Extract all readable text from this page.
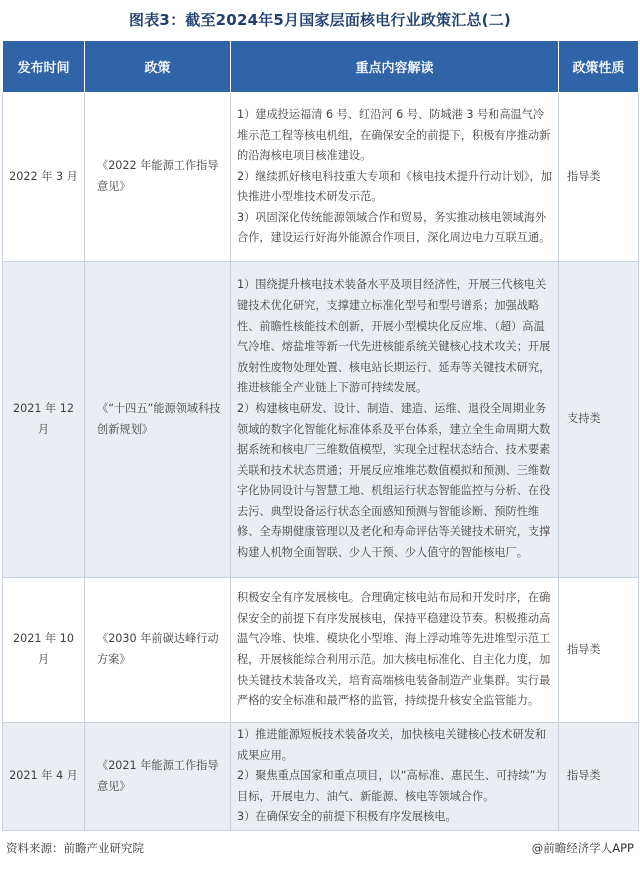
图表3：截至2024年5月国家层面核电行业政策汇总(二)
发布时间	政策	重点内容解读	政策性质
2022 年 3 月	《2022 年能源工作指导意见》	1）建成投运福清 6 号、红沿河 6 号、防城港 3 号和高温气冷堆示范工程等核电机组，在确保安全的前提下，积极有序推动新的沿海核电项目核准建设。

2）继续抓好核电科技重大专项和《核电技术提升行动计划》，加快推进小型堆技术研发示范。

3）巩固深化传统能源领域合作和贸易，务实推动核电领域海外合作，建设运行好海外能源合作项目，深化周边电力互联互通。	指导类
2021 年 12 月	《“十四五”能源领域科技创新规划》	1）围绕提升核电技术装备水平及项目经济性，开展三代核电关键技术优化研究，支撑建立标准化型号和型号谱系；加强战略性、前瞻性核能技术创新，开展小型模块化反应堆、（超）高温气冷堆、熔盐堆等新一代先进核能系统关键核心技术攻关；开展放射性废物处理处置、核电站长期运行、延寿等关键技术研究，推进核能全产业链上下游可持续发展。

2）构建核电研发、设计、制造、建造、运维、退役全周期业务领域的数字化智能化标准体系及平台体系，建立全生命周期大数据系统和核电厂三维数值模型，实现全过程状态结合、技术要素关联和技术状态贯通；开展反应堆堆芯数值模拟和预测、三维数字化协同设计与智慧工地、机组运行状态智能监控与分析、在役去污、典型设备运行状态全面感知预测与智能诊断、预防性维修、全寿期健康管理以及老化和寿命评估等关键技术研究，支撑构建人机物全面智联、少人干预、少人值守的智能核电厂。	支持类
2021 年 10 月	《2030 年前碳达峰行动方案》	积极安全有序发展核电。合理确定核电站布局和开发时序，在确保安全的前提下有序发展核电，保持平稳建设节奏。积极推动高温气冷堆、快堆、模块化小型堆、海上浮动堆等先进堆型示范工程，开展核能综合利用示范。加大核电标准化、自主化力度，加快关键技术装备攻关，培育高端核电装备制造产业集群。实行最严格的安全标准和最严格的监管，持续提升核安全监管能力。	指导类
2021 年 4 月	《2021 年能源工作指导意见》	1）推进能源短板技术装备攻关，加快核电关键核心技术研发和成果应用。

2）聚焦重点国家和重点项目，以“高标准、惠民生、可持续”为目标，开展电力、油气、新能源、核电等领域合作。

3）在确保安全的前提下积极有序发展核电。	指导类
资料来源：前瞻产业研究院	@前瞻经济学人APP
